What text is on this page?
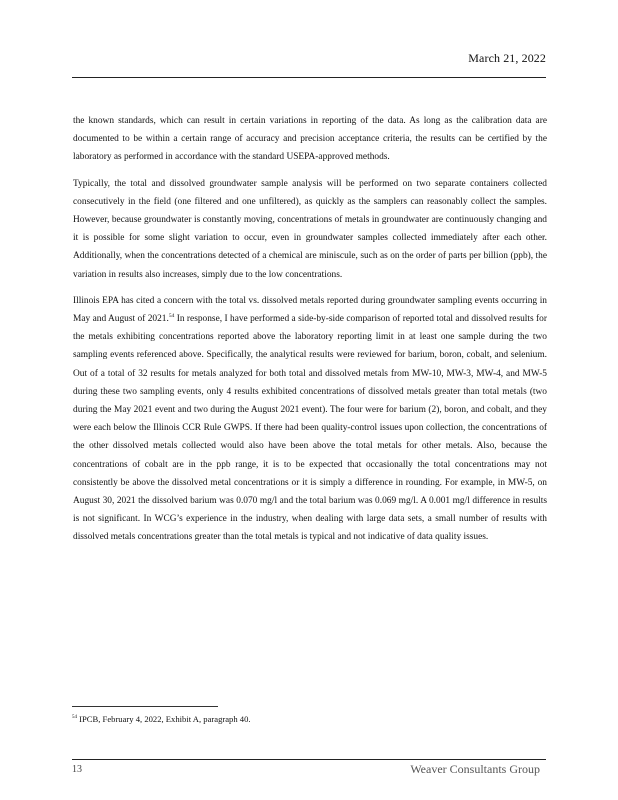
March 21, 2022

the known standards, which can result in certain variations in reporting of the data. As long as the calibration data are documented to be within a certain range of accuracy and precision acceptance criteria, the results can be certified by the laboratory as performed in accordance with the standard USEPA-approved methods.

Typically, the total and dissolved groundwater sample analysis will be performed on two separate containers collected consecutively in the field (one filtered and one unfiltered), as quickly as the samplers can reasonably collect the samples. However, because groundwater is constantly moving, concentrations of metals in groundwater are continuously changing and it is possible for some slight variation to occur, even in groundwater samples collected immediately after each other. Additionally, when the concentrations detected of a chemical are miniscule, such as on the order of parts per billion (ppb), the variation in results also increases, simply due to the low concentrations.

Illinois EPA has cited a concern with the total vs. dissolved metals reported during groundwater sampling events occurring in May and August of 2021.54 In response, I have performed a side-by-side comparison of reported total and dissolved results for the metals exhibiting concentrations reported above the laboratory reporting limit in at least one sample during the two sampling events referenced above. Specifically, the analytical results were reviewed for barium, boron, cobalt, and selenium. Out of a total of 32 results for metals analyzed for both total and dissolved metals from MW-10, MW-3, MW-4, and MW-5 during these two sampling events, only 4 results exhibited concentrations of dissolved metals greater than total metals (two during the May 2021 event and two during the August 2021 event). The four were for barium (2), boron, and cobalt, and they were each below the Illinois CCR Rule GWPS. If there had been quality-control issues upon collection, the concentrations of the other dissolved metals collected would also have been above the total metals for other metals. Also, because the concentrations of cobalt are in the ppb range, it is to be expected that occasionally the total concentrations may not consistently be above the dissolved metal concentrations or it is simply a difference in rounding. For example, in MW-5, on August 30, 2021 the dissolved barium was 0.070 mg/l and the total barium was 0.069 mg/l. A 0.001 mg/l difference in results is not significant. In WCG’s experience in the industry, when dealing with large data sets, a small number of results with dissolved metals concentrations greater than the total metals is typical and not indicative of data quality issues.

$^{54}$ IPCB, February 4, 2022, Exhibit A, paragraph 40.
13	Weaver Consultants Group
